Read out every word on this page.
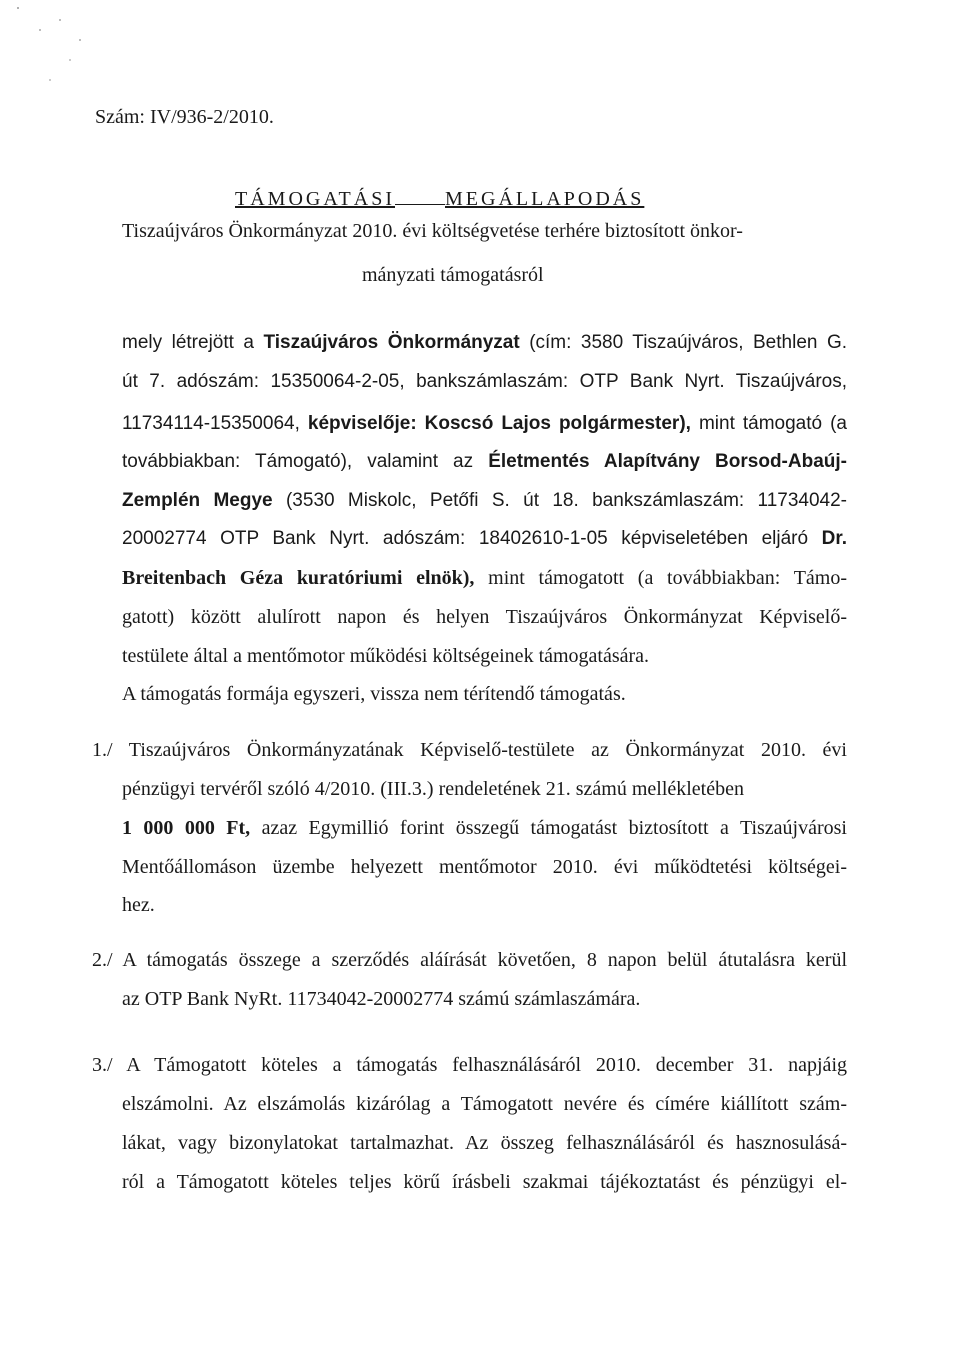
Szám: IV/936-2/2010.
TÁMOGATÁSI	MEGÁLLAPODÁS
Tiszaújváros Önkormányzat 2010. évi költségvetése terhére biztosított önkor-
mányzati támogatásról
mely létrejött a Tiszaújváros Önkormányzat (cím: 3580 Tiszaújváros, Bethlen G.
út 7. adószám: 15350064-2-05, bankszámlaszám: OTP Bank Nyrt. Tiszaújváros,
11734114-15350064, képviselője: Koscsó Lajos polgármester), mint támogató (a
továbbiakban: Támogató), valamint az Életmentés Alapítvány Borsod-Abaúj-
Zemplén Megye (3530 Miskolc, Petőfi S. út 18. bankszámlaszám: 11734042-
20002774 OTP Bank Nyrt. adószám: 18402610-1-05 képviseletében eljáró Dr.
Breitenbach Géza kuratóriumi elnök), mint támogatott (a továbbiakban: Támo-
gatott) között alulírott napon és helyen Tiszaújváros Önkormányzat Képviselő-
testülete által a mentőmotor működési költségeinek támogatására.
A támogatás formája egyszeri, vissza nem térítendő támogatás.
1./ Tiszaújváros Önkormányzatának Képviselő-testülete az Önkormányzat 2010. évi
pénzügyi tervéről szóló 4/2010. (III.3.) rendeletének 21. számú mellékletében
1 000 000 Ft, azaz Egymillió forint összegű támogatást biztosított a Tiszaújvárosi
Mentőállomáson üzembe helyezett mentőmotor 2010. évi működtetési költségei-
hez.
2./ A támogatás összege a szerződés aláírását követően, 8 napon belül átutalásra kerül
az OTP Bank NyRt. 11734042-20002774 számú számlaszámára.
3./ A Támogatott köteles a támogatás felhasználásáról 2010. december 31. napjáig
elszámolni. Az elszámolás kizárólag a Támogatott nevére és címére kiállított szám-
lákat, vagy bizonylatokat tartalmazhat. Az összeg felhasználásáról és hasznosulásá-
ról a Támogatott köteles teljes körű írásbeli szakmai tájékoztatást és pénzügyi el-
